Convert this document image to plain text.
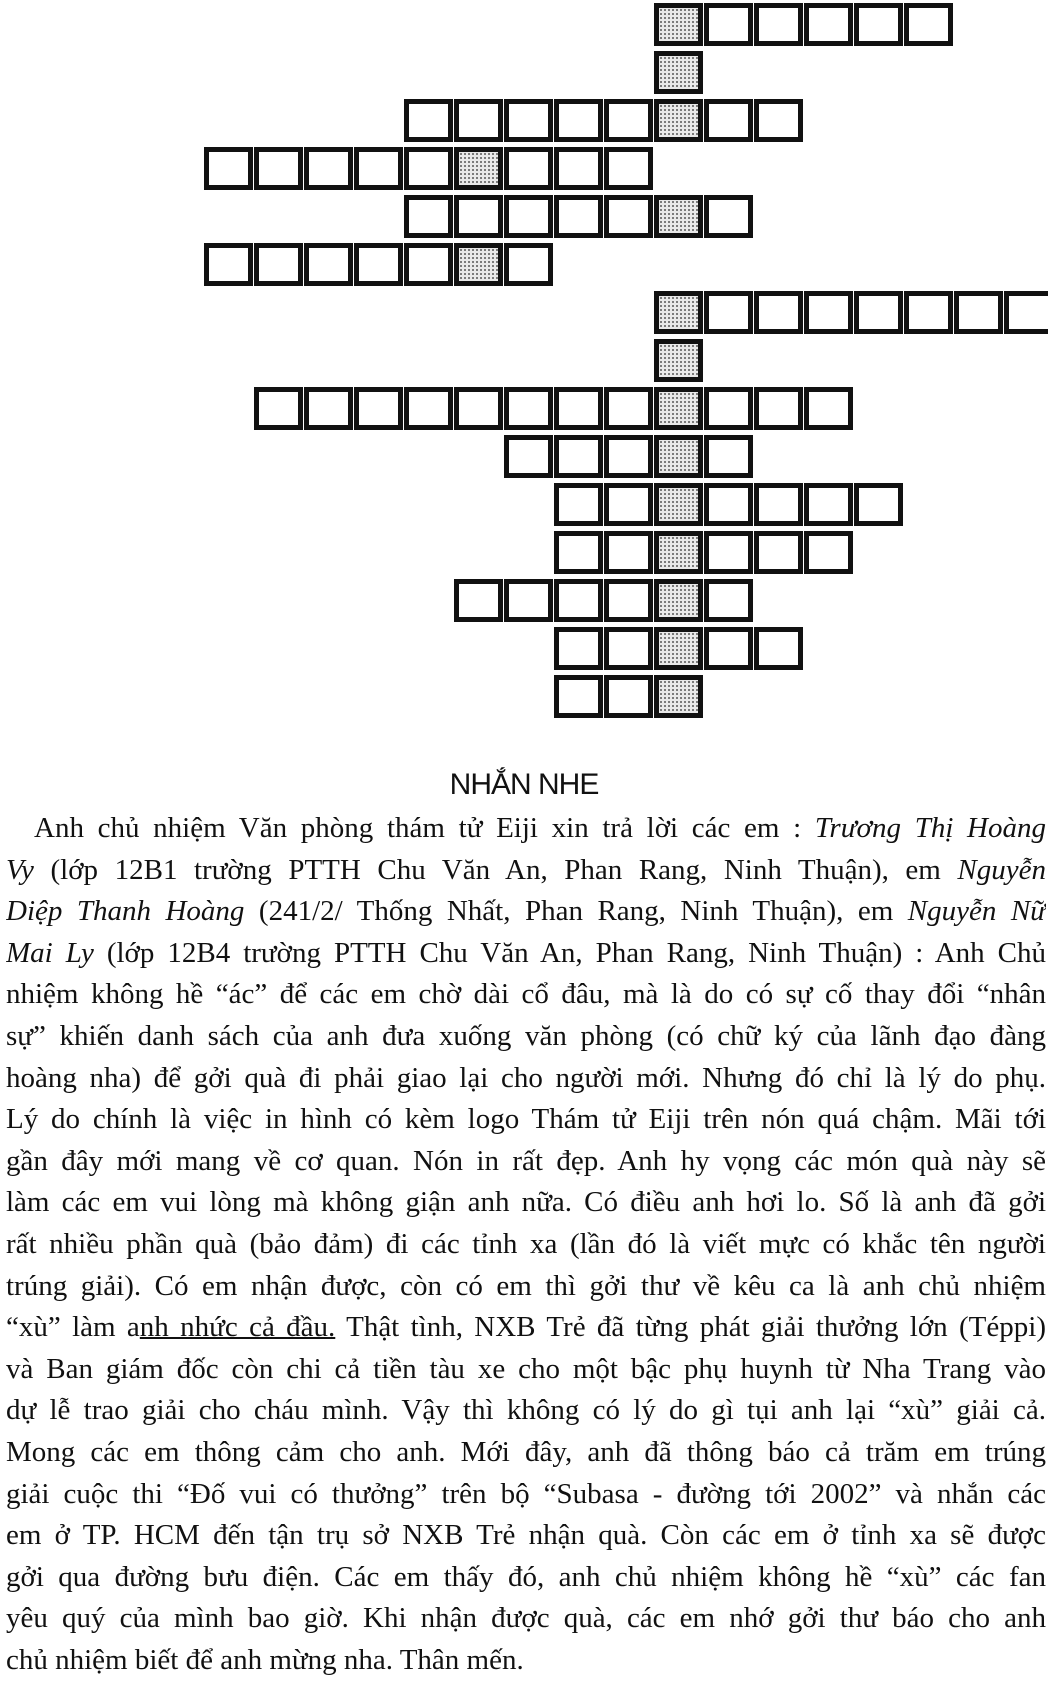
NHẮN NHE
Anh chủ nhiệm Văn phòng thám tử Eiji xin trả lời các em : Trương Thị Hoàng
Vy (lớp 12B1 trường PTTH Chu Văn An, Phan Rang, Ninh Thuận), em Nguyễn
Diệp Thanh Hoàng (241/2/ Thống Nhất, Phan Rang, Ninh Thuận), em Nguyễn Nữ
Mai Ly (lớp 12B4 trường PTTH Chu Văn An, Phan Rang, Ninh Thuận) : Anh Chủ
nhiệm không hề “ác” để các em chờ dài cổ đâu, mà là do có sự cố thay đổi “nhân
sự” khiến danh sách của anh đưa xuống văn phòng (có chữ ký của lãnh đạo đàng
hoàng nha) để gởi quà đi phải giao lại cho người mới. Nhưng đó chỉ là lý do phụ.
Lý do chính là việc in hình có kèm logo Thám tử Eiji trên nón quá chậm. Mãi tới
gần đây mới mang về cơ quan. Nón in rất đẹp. Anh hy vọng các món quà này sẽ
làm các em vui lòng mà không giận anh nữa. Có điều anh hơi lo. Số là anh đã gởi
rất nhiều phần quà (bảo đảm) đi các tỉnh xa (lần đó là viết mực có khắc tên người
trúng giải). Có em nhận được, còn có em thì gởi thư về kêu ca là anh chủ nhiệm
“xù” làm anh nhức cả đầu. Thật tình, NXB Trẻ đã từng phát giải thưởng lớn (Téppi)
và Ban giám đốc còn chi cả tiền tàu xe cho một bậc phụ huynh từ Nha Trang vào
dự lễ trao giải cho cháu mình. Vậy thì không có lý do gì tụi anh lại “xù” giải cả.
Mong các em thông cảm cho anh. Mới đây, anh đã thông báo cả trăm em trúng
giải cuộc thi “Đố vui có thưởng” trên bộ “Subasa - đường tới 2002” và nhắn các
em ở TP. HCM đến tận trụ sở NXB Trẻ nhận quà. Còn các em ở tỉnh xa sẽ được
gởi qua đường bưu điện. Các em thấy đó, anh chủ nhiệm không hề “xù” các fan
yêu quý của mình bao giờ. Khi nhận được quà, các em nhớ gởi thư báo cho anh
chủ nhiệm biết để anh mừng nha. Thân mến.
